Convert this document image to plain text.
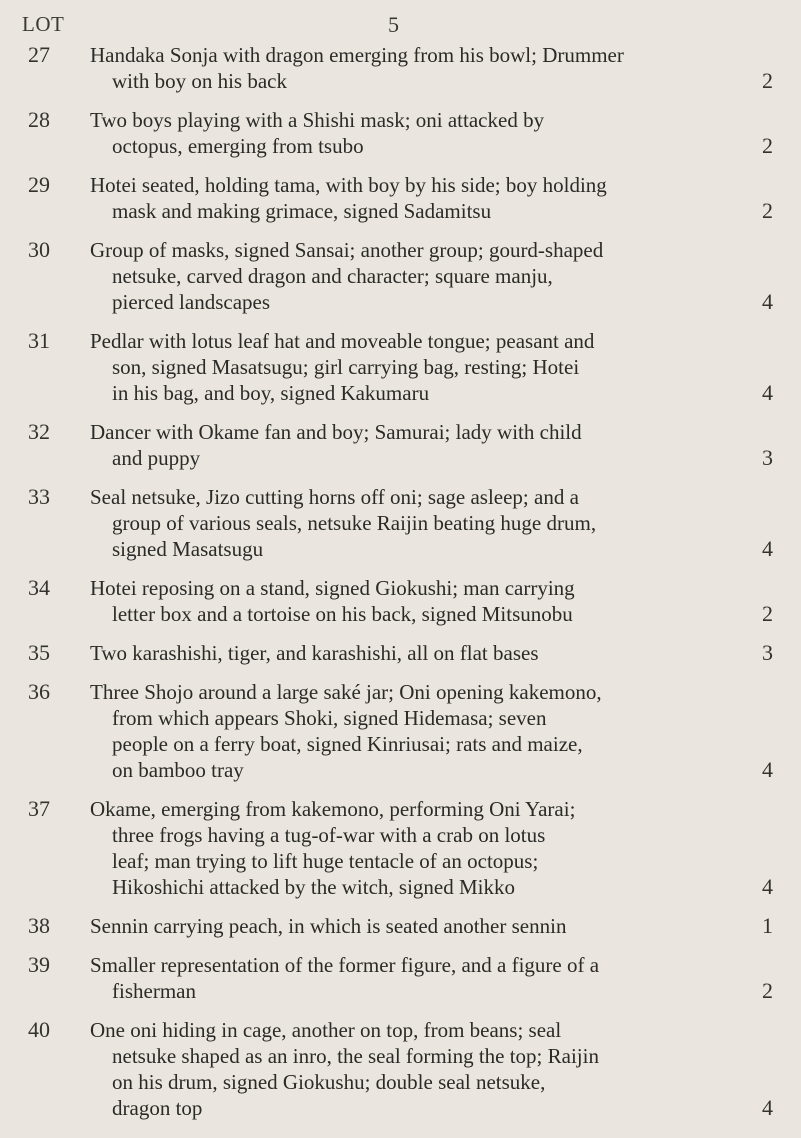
LOT	5
27 Handaka Sonja with dragon emerging from his bowl; Drummer
with boy on his back	2
28 Two boys playing with a Shishi mask; oni attacked by
octopus, emerging from tsubo	2
29 Hotei seated, holding tama, with boy by his side; boy holding
mask and making grimace, signed Sadamitsu	2
30 Group of masks, signed Sansai; another group; gourd-shaped
netsuke, carved dragon and character; square manju,
pierced landscapes	4
31 Pedlar with lotus leaf hat and moveable tongue; peasant and
son, signed Masatsugu; girl carrying bag, resting; Hotei
in his bag, and boy, signed Kakumaru	4
32 Dancer with Okame fan and boy; Samurai; lady with child
and puppy	3
33 Seal netsuke, Jizo cutting horns off oni; sage asleep; and a
group of various seals, netsuke Raijin beating huge drum,
signed Masatsugu	4
34 Hotei reposing on a stand, signed Giokushi; man carrying
letter box and a tortoise on his back, signed Mitsunobu	2
35 Two karashishi, tiger, and karashishi, all on flat bases	3
36 Three Shojo around a large saké jar; Oni opening kakemono,
from which appears Shoki, signed Hidemasa; seven
people on a ferry boat, signed Kinriusai; rats and maize,
on bamboo tray	4
37 Okame, emerging from kakemono, performing Oni Yarai;
three frogs having a tug-of-war with a crab on lotus
leaf; man trying to lift huge tentacle of an octopus;
Hikoshichi attacked by the witch, signed Mikko	4
38 Sennin carrying peach, in which is seated another sennin	1
39 Smaller representation of the former figure, and a figure of a
fisherman	2
40 One oni hiding in cage, another on top, from beans; seal
netsuke shaped as an inro, the seal forming the top; Raijin
on his drum, signed Giokushu; double seal netsuke,
dragon top	4
